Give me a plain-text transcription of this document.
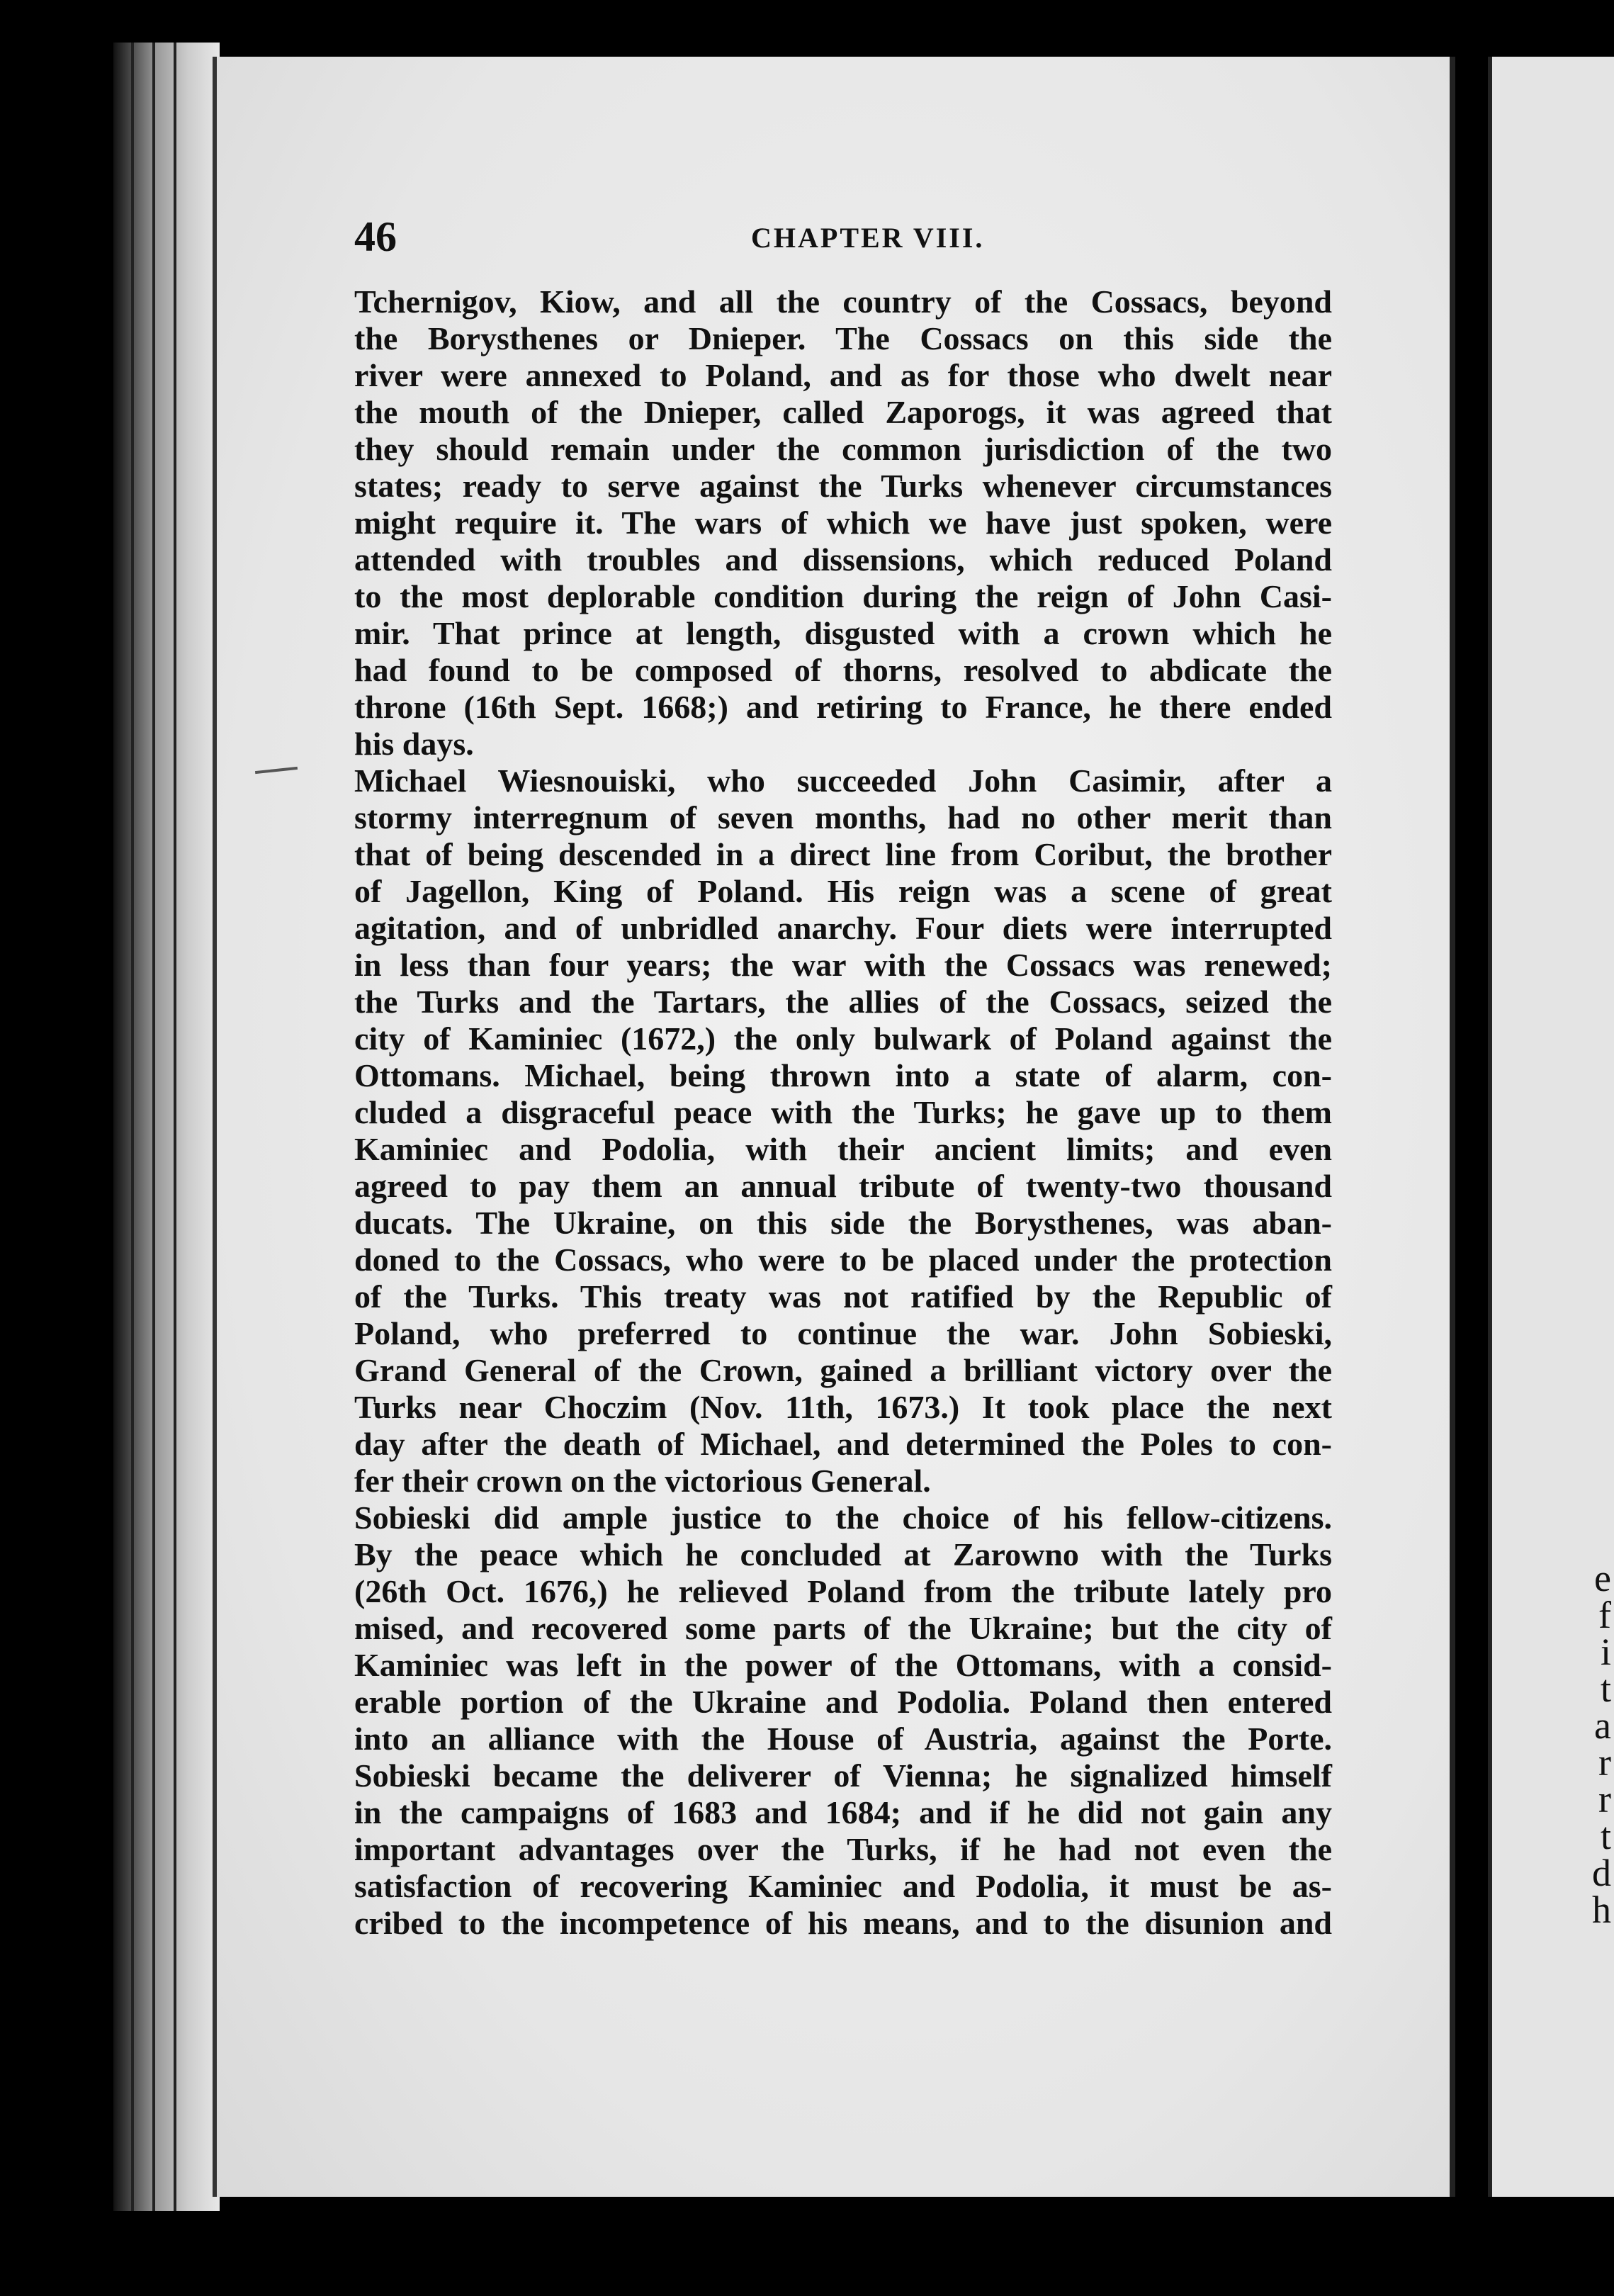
e
f
i
t
a
r
r
t
d
h
46	CHAPTER VIII.
Tchernigov, Kiow, and all the country of the Cossacs, beyond
the Borysthenes or Dnieper. The Cossacs on this side the
river were annexed to Poland, and as for those who dwelt near
the mouth of the Dnieper, called Zaporogs, it was agreed that
they should remain under the common jurisdiction of the two
states; ready to serve against the Turks whenever circumstances
might require it. The wars of which we have just spoken, were
attended with troubles and dissensions, which reduced Poland
to the most deplorable condition during the reign of John Casi-
mir. That prince at length, disgusted with a crown which he
had found to be composed of thorns, resolved to abdicate the
throne (16th Sept. 1668;) and retiring to France, he there ended
his days.
Michael Wiesnouiski, who succeeded John Casimir, after a
stormy interregnum of seven months, had no other merit than
that of being descended in a direct line from Coribut, the brother
of Jagellon, King of Poland. His reign was a scene of great
agitation, and of unbridled anarchy. Four diets were interrupted
in less than four years; the war with the Cossacs was renewed;
the Turks and the Tartars, the allies of the Cossacs, seized the
city of Kaminiec (1672,) the only bulwark of Poland against the
Ottomans. Michael, being thrown into a state of alarm, con-
cluded a disgraceful peace with the Turks; he gave up to them
Kaminiec and Podolia, with their ancient limits; and even
agreed to pay them an annual tribute of twenty-two thousand
ducats. The Ukraine, on this side the Borysthenes, was aban-
doned to the Cossacs, who were to be placed under the protection
of the Turks. This treaty was not ratified by the Republic of
Poland, who preferred to continue the war. John Sobieski,
Grand General of the Crown, gained a brilliant victory over the
Turks near Choczim (Nov. 11th, 1673.) It took place the next
day after the death of Michael, and determined the Poles to con-
fer their crown on the victorious General.
Sobieski did ample justice to the choice of his fellow-citizens.
By the peace which he concluded at Zarowno with the Turks
(26th Oct. 1676,) he relieved Poland from the tribute lately pro
mised, and recovered some parts of the Ukraine; but the city of
Kaminiec was left in the power of the Ottomans, with a consid-
erable portion of the Ukraine and Podolia. Poland then entered
into an alliance with the House of Austria, against the Porte.
Sobieski became the deliverer of Vienna; he signalized himself
in the campaigns of 1683 and 1684; and if he did not gain any
important advantages over the Turks, if he had not even the
satisfaction of recovering Kaminiec and Podolia, it must be as-
cribed to the incompetence of his means, and to the disunion and
